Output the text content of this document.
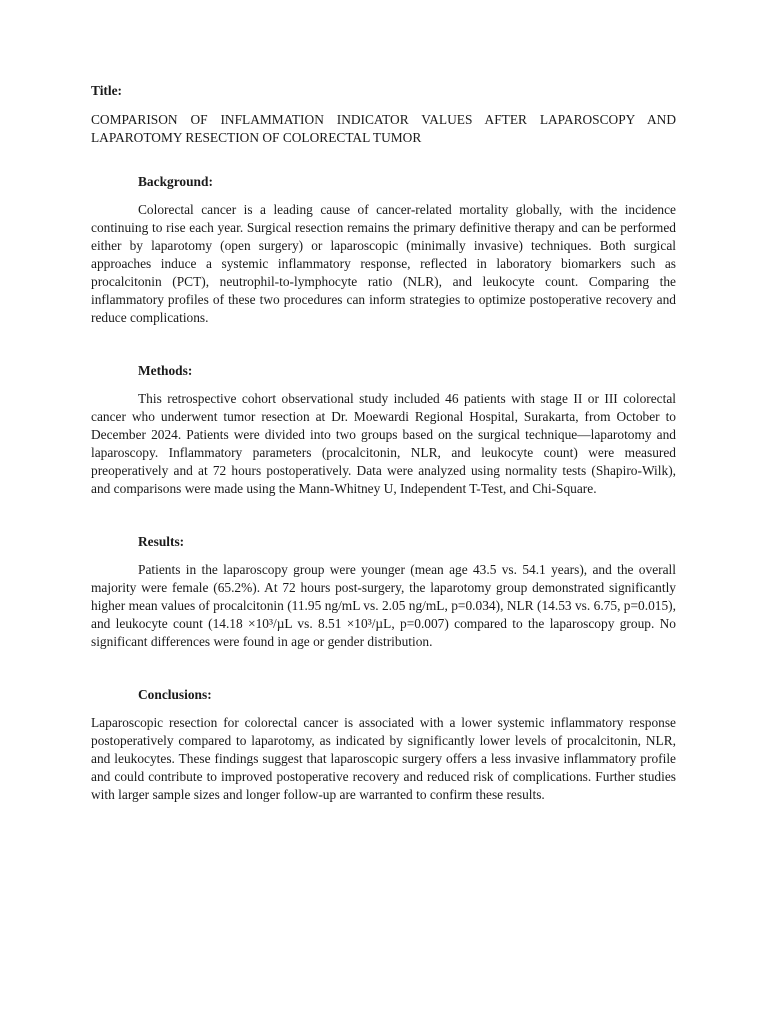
Title:

COMPARISON OF INFLAMMATION INDICATOR VALUES AFTER LAPAROSCOPY AND LAPAROTOMY RESECTION OF COLORECTAL TUMOR

Background:

Colorectal cancer is a leading cause of cancer-related mortality globally, with the incidence continuing to rise each year. Surgical resection remains the primary definitive therapy and can be performed either by laparotomy (open surgery) or laparoscopic (minimally invasive) techniques. Both surgical approaches induce a systemic inflammatory response, reflected in laboratory biomarkers such as procalcitonin (PCT), neutrophil-to-lymphocyte ratio (NLR), and leukocyte count. Comparing the inflammatory profiles of these two procedures can inform strategies to optimize postoperative recovery and reduce complications.

Methods:

This retrospective cohort observational study included 46 patients with stage II or III colorectal cancer who underwent tumor resection at Dr. Moewardi Regional Hospital, Surakarta, from October to December 2024. Patients were divided into two groups based on the surgical technique—laparotomy and laparoscopy. Inflammatory parameters (procalcitonin, NLR, and leukocyte count) were measured preoperatively and at 72 hours postoperatively. Data were analyzed using normality tests (Shapiro-Wilk), and comparisons were made using the Mann-Whitney U, Independent T-Test, and Chi-Square.

Results:

Patients in the laparoscopy group were younger (mean age 43.5 vs. 54.1 years), and the overall majority were female (65.2%). At 72 hours post-surgery, the laparotomy group demonstrated significantly higher mean values of procalcitonin (11.95 ng/mL vs. 2.05 ng/mL, p=0.034), NLR (14.53 vs. 6.75, p=0.015), and leukocyte count (14.18 ×10³/µL vs. 8.51 ×10³/µL, p=0.007) compared to the laparoscopy group. No significant differences were found in age or gender distribution.

Conclusions:

Laparoscopic resection for colorectal cancer is associated with a lower systemic inflammatory response postoperatively compared to laparotomy, as indicated by significantly lower levels of procalcitonin, NLR, and leukocytes. These findings suggest that laparoscopic surgery offers a less invasive inflammatory profile and could contribute to improved postoperative recovery and reduced risk of complications. Further studies with larger sample sizes and longer follow-up are warranted to confirm these results.
